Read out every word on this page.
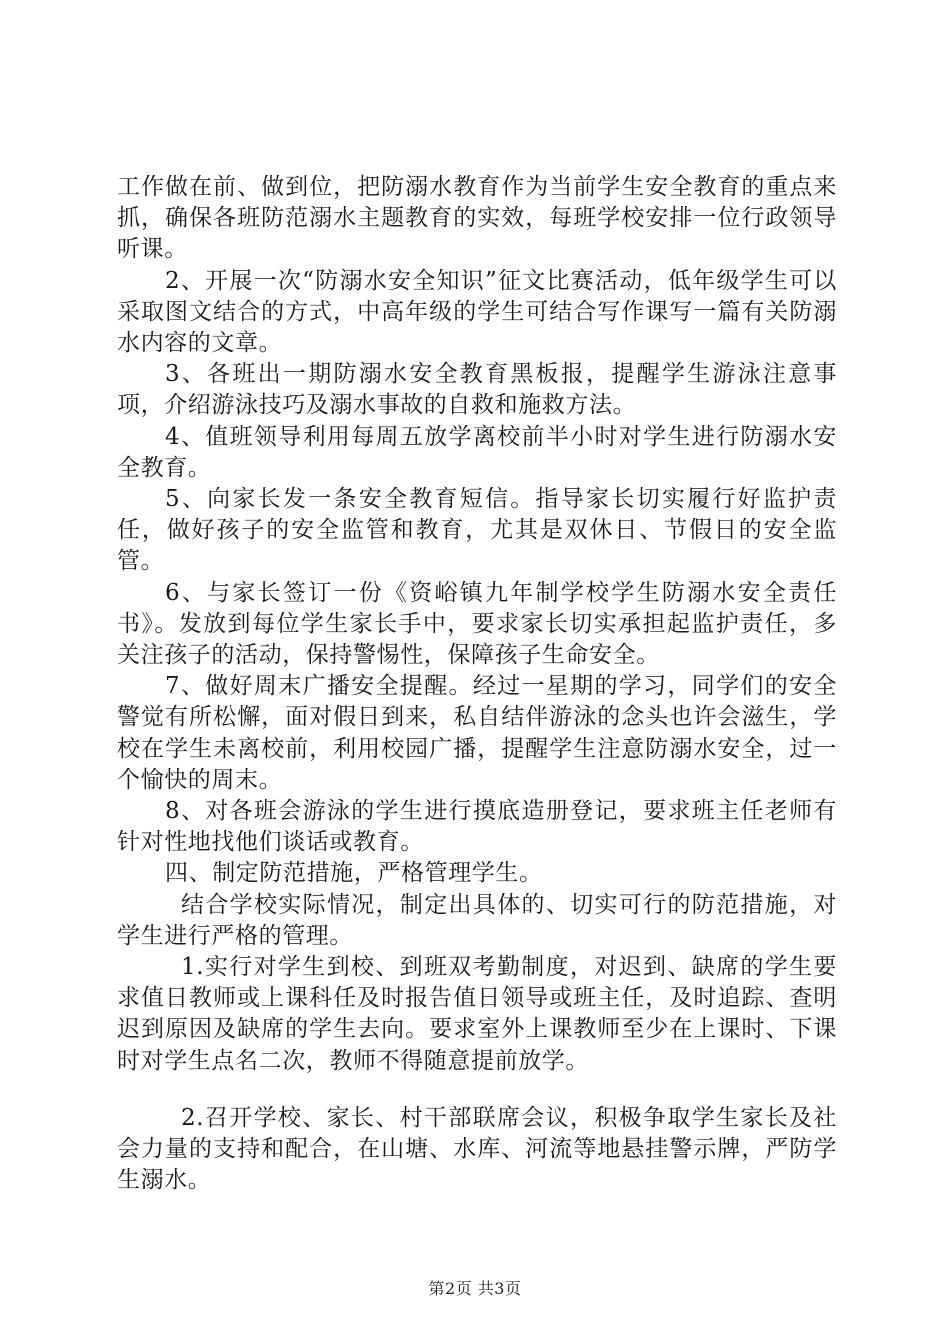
工作做在前、做到位，把防溺水教育作为当前学生安全教育的重点来抓，确保各班防范溺水主题教育的实效，每班学校安排一位行政领导听课。

2、开展一次“防溺水安全知识”征文比赛活动，低年级学生可以采取图文结合的方式，中高年级的学生可结合写作课写一篇有关防溺水内容的文章。

3、各班出一期防溺水安全教育黑板报，提醒学生游泳注意事项，介绍游泳技巧及溺水事故的自救和施救方法。

4、值班领导利用每周五放学离校前半小时对学生进行防溺水安全教育。

5、向家长发一条安全教育短信。指导家长切实履行好监护责任，做好孩子的安全监管和教育，尤其是双休日、节假日的安全监管。

6、与家长签订一份《资峪镇九年制学校学生防溺水安全责任书》。发放到每位学生家长手中，要求家长切实承担起监护责任，多关注孩子的活动，保持警惕性，保障孩子生命安全。

7、做好周末广播安全提醒。经过一星期的学习，同学们的安全警觉有所松懈，面对假日到来，私自结伴游泳的念头也许会滋生，学校在学生未离校前，利用校园广播，提醒学生注意防溺水安全，过一个愉快的周末。

8、对各班会游泳的学生进行摸底造册登记，要求班主任老师有针对性地找他们谈话或教育。

四、制定防范措施，严格管理学生。

结合学校实际情况，制定出具体的、切实可行的防范措施，对学生进行严格的管理。

1.实行对学生到校、到班双考勤制度，对迟到、缺席的学生要求值日教师或上课科任及时报告值日领导或班主任，及时追踪、查明迟到原因及缺席的学生去向。要求室外上课教师至少在上课时、下课时对学生点名二次，教师不得随意提前放学。

2.召开学校、家长、村干部联席会议，积极争取学生家长及社会力量的支持和配合，在山塘、水库、河流等地悬挂警示牌，严防学生溺水。

第2页 共3页
